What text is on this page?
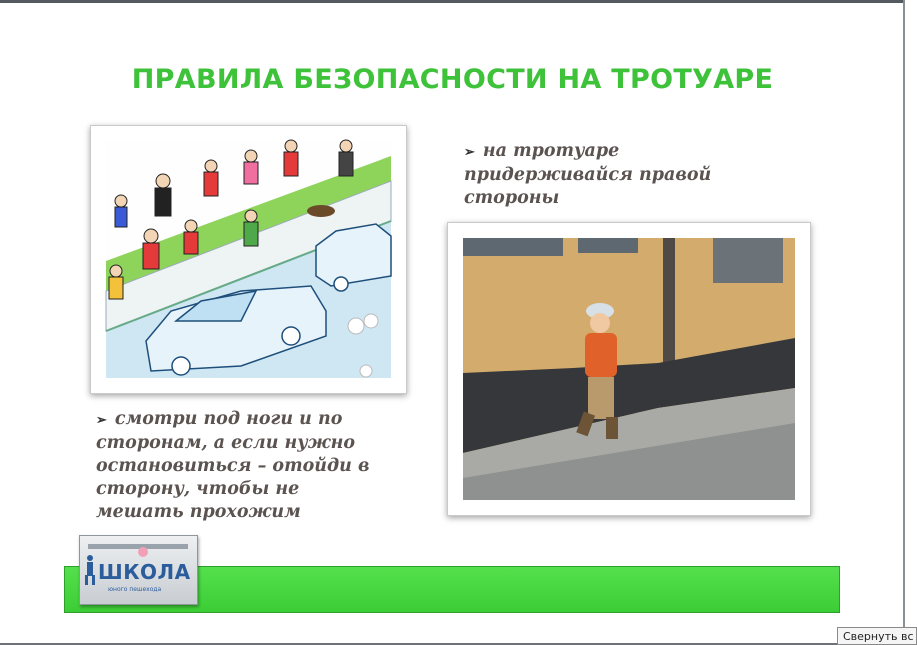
ПРАВИЛА БЕЗОПАСНОСТИ НА ТРОТУАРЕ
➢ на тротуаре
придерживайся правой
стороны
➢ смотри под ноги и по
сторонам, а если нужно
остановиться – отойди в
сторону, чтобы не
мешать прохожим
ШКОЛА
юного пешехода
Свернуть вс
